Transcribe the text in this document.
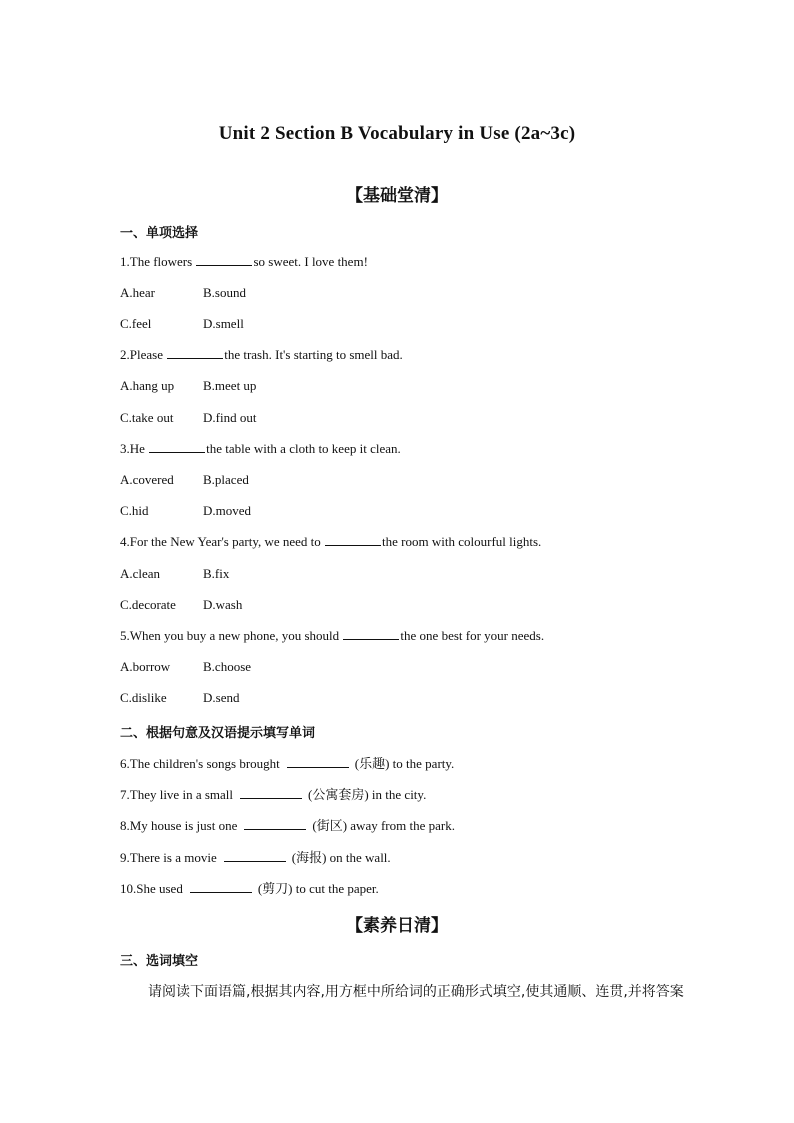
Unit 2 Section B Vocabulary in Use (2a~3c)
【基础堂清】
一、单项选择
1.The flowers	so sweet. I love them!
A.hear	B.sound
C.feel	D.smell
2.Please	the trash. It's starting to smell bad.
A.hang up B.meet up
C.take out D.find out
3.He	the table with a cloth to keep it clean.
A.covered B.placed
C.hid	D.moved
4.For the New Year's party, we need to	the room with colourful lights.
A.clean	B.fix
C.decorate D.wash
5.When you buy a new phone, you should	the one best for your needs.
A.borrow	B.choose
C.dislike	D.send
二、根据句意及汉语提示填写单词
6.The children's songs brought	(乐趣) to the party.
7.They live in a small	(公寓套房) in the city.
8.My house is just one	(街区) away from the park.
9.There is a movie	(海报) on the wall.
10.She used	(剪刀) to cut the paper.
【素养日清】
三、选词填空
请阅读下面语篇,根据其内容,用方框中所给词的正确形式填空,使其通顺、连贯,并将答案
